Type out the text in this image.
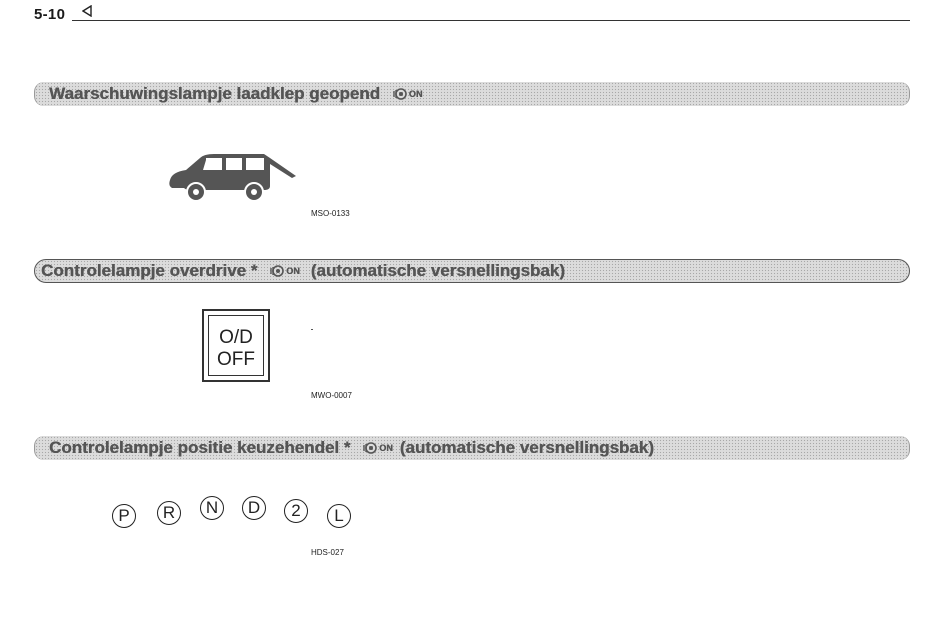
5-10
Waarschuwingslampje laadklep geopend	ON
MSO-0133
Controlelampje overdrive *	ON (automatische versnellingsbak)
O/D
OFF
MWO-0007
Controlelampje positie keuzehendel *	ON (automatische versnellingsbak)
P	R	N	D	2	L
HDS-027
